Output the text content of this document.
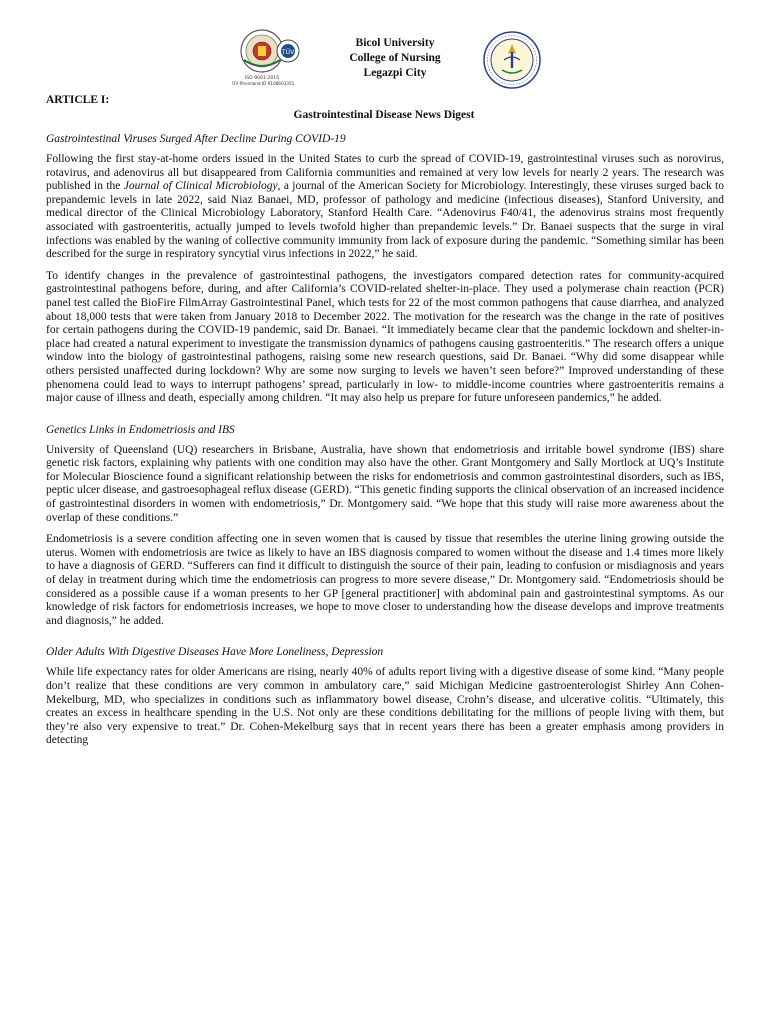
TÜV
ISO 9001:2015
TÜV Rheinland ID 9108603351
Bicol University
College of Nursing
Legazpi City
ARTICLE I:
Gastrointestinal Disease News Digest

Gastrointestinal Viruses Surged After Decline During COVID-19

Following the first stay-at-home orders issued in the United States to curb the spread of COVID-19, gastrointestinal viruses such as norovirus, rotavirus, and adenovirus all but disappeared from California communities and remained at very low levels for nearly 2 years. The research was published in the Journal of Clinical Microbiology, a journal of the American Society for Microbiology. Interestingly, these viruses surged back to prepandemic levels in late 2022, said Niaz Banaei, MD, professor of pathology and medicine (infectious diseases), Stanford University, and medical director of the Clinical Microbiology Laboratory, Stanford Health Care. “Adenovirus F40/41, the adenovirus strains most frequently associated with gastroenteritis, actually jumped to levels twofold higher than prepandemic levels.” Dr. Banaei suspects that the surge in viral infections was enabled by the waning of collective community immunity from lack of exposure during the pandemic. “Something similar has been described for the surge in respiratory syncytial virus infections in 2022,” he said.

To identify changes in the prevalence of gastrointestinal pathogens, the investigators compared detection rates for community-acquired gastrointestinal pathogens before, during, and after California’s COVID-related shelter-in-place. They used a polymerase chain reaction (PCR) panel test called the BioFire FilmArray Gastrointestinal Panel, which tests for 22 of the most common pathogens that cause diarrhea, and analyzed about 18,000 tests that were taken from January 2018 to December 2022. The motivation for the research was the change in the rate of positives for certain pathogens during the COVID-19 pandemic, said Dr. Banaei. “It immediately became clear that the pandemic lockdown and shelter-in-place had created a natural experiment to investigate the transmission dynamics of pathogens causing gastroenteritis.” The research offers a unique window into the biology of gastrointestinal pathogens, raising some new research questions, said Dr. Banaei. “Why did some disappear while others persisted unaffected during lockdown? Why are some now surging to levels we haven’t seen before?” Improved understanding of these phenomena could lead to ways to interrupt pathogens’ spread, particularly in low- to middle-income countries where gastroenteritis remains a major cause of illness and death, especially among children. “It may also help us prepare for future unforeseen pandemics,” he added.

Genetics Links in Endometriosis and IBS

University of Queensland (UQ) researchers in Brisbane, Australia, have shown that endometriosis and irritable bowel syndrome (IBS) share genetic risk factors, explaining why patients with one condition may also have the other. Grant Montgomery and Sally Mortlock at UQ’s Institute for Molecular Bioscience found a significant relationship between the risks for endometriosis and common gastrointestinal disorders, such as IBS, peptic ulcer disease, and gastroesophageal reflux disease (GERD). “This genetic finding supports the clinical observation of an increased incidence of gastrointestinal disorders in women with endometriosis,” Dr. Montgomery said. “We hope that this study will raise more awareness about the overlap of these conditions.”

Endometriosis is a severe condition affecting one in seven women that is caused by tissue that resembles the uterine lining growing outside the uterus. Women with endometriosis are twice as likely to have an IBS diagnosis compared to women without the disease and 1.4 times more likely to have a diagnosis of GERD. “Sufferers can find it difficult to distinguish the source of their pain, leading to confusion or misdiagnosis and years of delay in treatment during which time the endometriosis can progress to more severe disease,” Dr. Montgomery said. “Endometriosis should be considered as a possible cause if a woman presents to her GP [general practitioner] with abdominal pain and gastrointestinal symptoms. As our knowledge of risk factors for endometriosis increases, we hope to move closer to understanding how the disease develops and improve treatments and diagnosis,” he added.

Older Adults With Digestive Diseases Have More Loneliness, Depression

While life expectancy rates for older Americans are rising, nearly 40% of adults report living with a digestive disease of some kind. “Many people don’t realize that these conditions are very common in ambulatory care,” said Michigan Medicine gastroenterologist Shirley Ann Cohen-Mekelburg, MD, who specializes in conditions such as inflammatory bowel disease, Crohn’s disease, and ulcerative colitis. “Ultimately, this creates an excess in healthcare spending in the U.S. Not only are these conditions debilitating for the millions of people living with them, but they’re also very expensive to treat.” Dr. Cohen-Mekelburg says that in recent years there has been a greater emphasis among providers in detecting
